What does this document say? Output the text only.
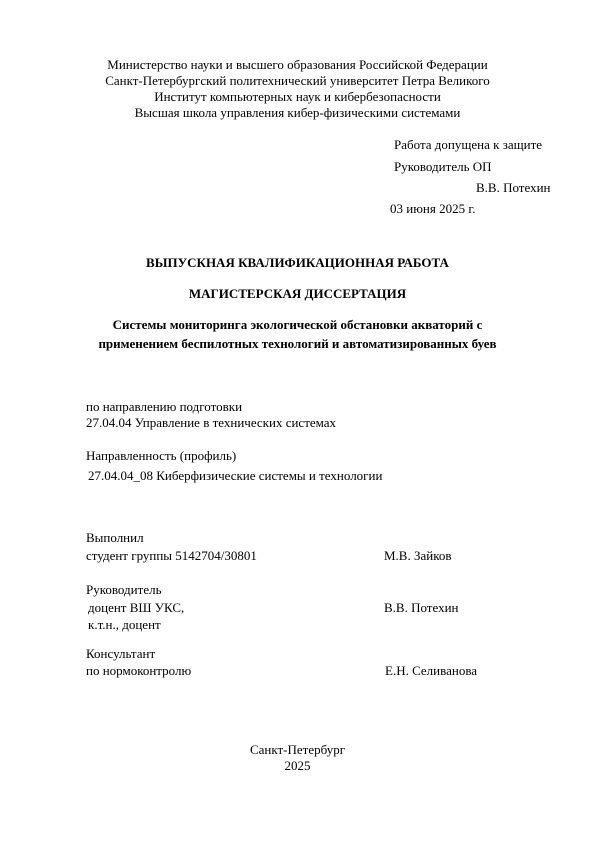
Министерство науки и высшего образования Российской Федерации
Санкт-Петербургский политехнический университет Петра Великого
Институт компьютерных наук и кибербезопасности
Высшая школа управления кибер-физическими системами
Работа допущена к защите
Руководитель ОП
В.В. Потехин
03 июня 2025 г.
ВЫПУСКНАЯ КВАЛИФИКАЦИОННАЯ РАБОТА
МАГИСТЕРСКАЯ ДИССЕРТАЦИЯ
Системы мониторинга экологической обстановки акваторий с
применением беспилотных технологий и автоматизированных буев
по направлению подготовки
27.04.04 Управление в технических системах
Направленность (профиль)
27.04.04_08 Киберфизические системы и технологии
Выполнил
студент группы 5142704/30801	М.В. Зайков
Руководитель
доцент ВШ УКС,
к.т.н., доцент
В.В. Потехин
Консультант
по нормоконтролю	Е.Н. Селиванова
Санкт-Петербург
2025
